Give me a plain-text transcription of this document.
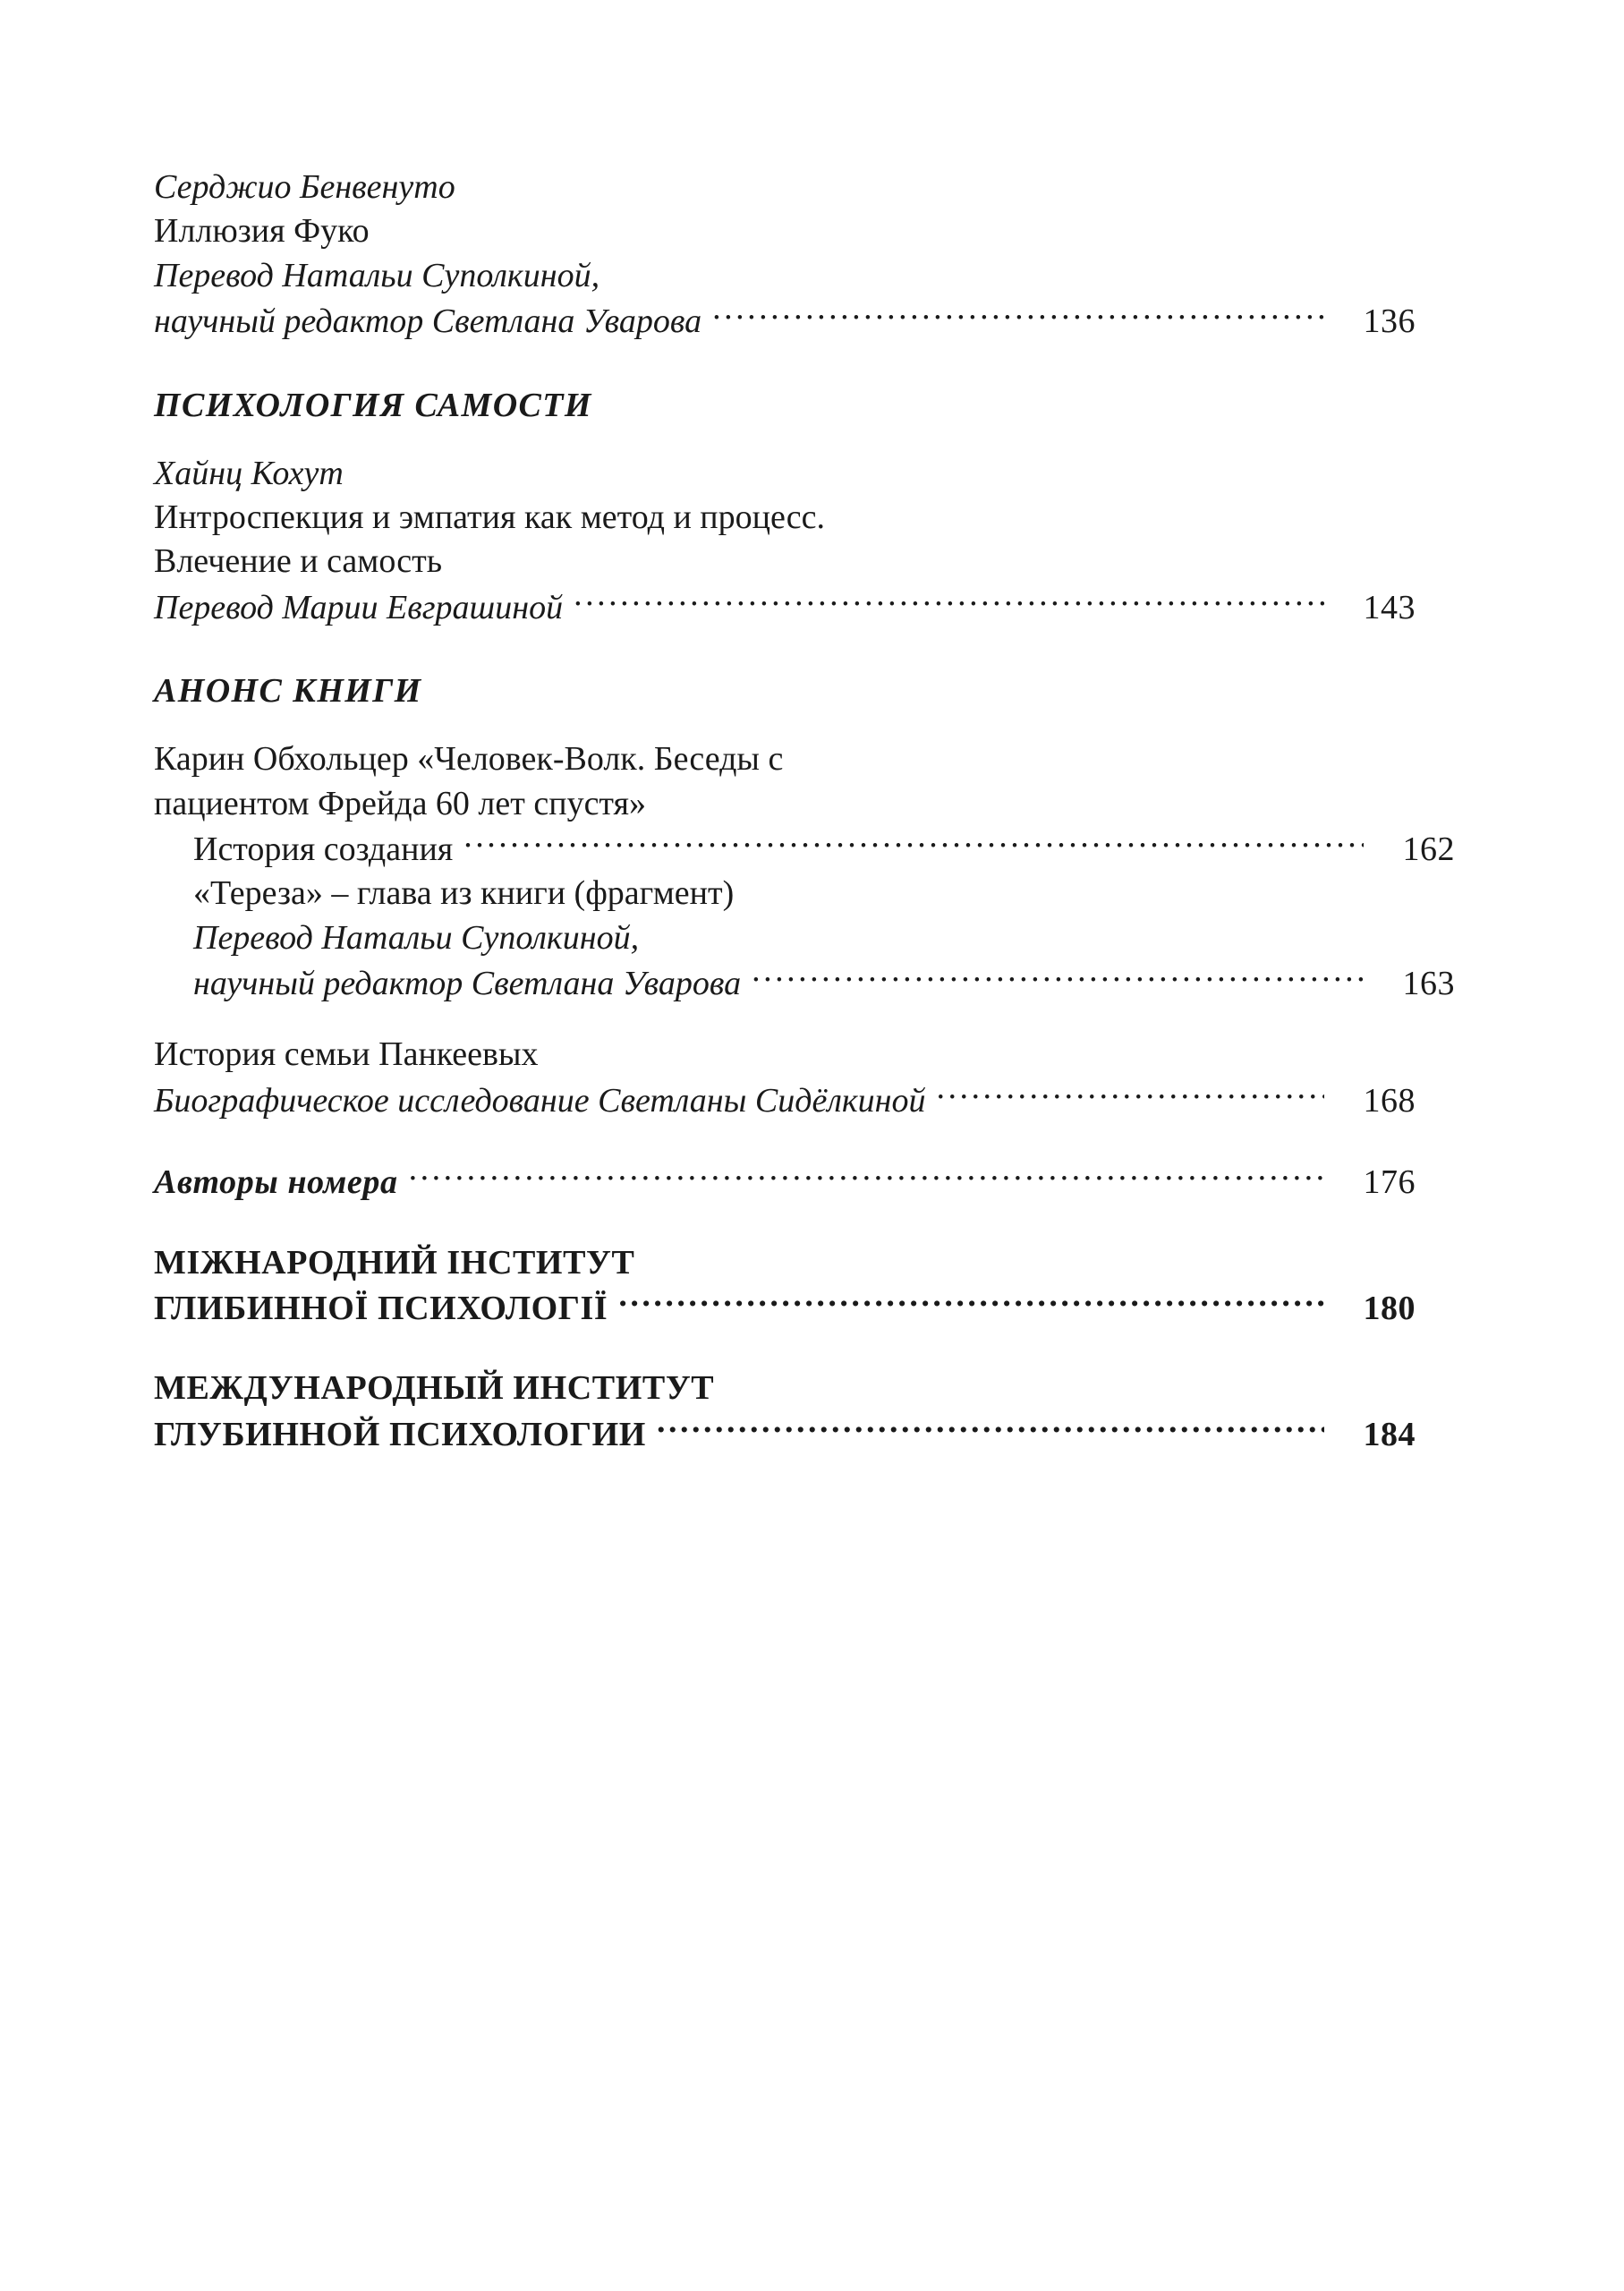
Серджио Бенвенуто
Иллюзия Фуко
Перевод Натальи Суполкиной,
научный редактор Светлана Уварова .....	136
ПСИХОЛОГИЯ САМОСТИ
Хайнц Кохут
Интроспекция и эмпатия как метод и процесс.
Влечение и самость
Перевод Марии Евграшиной .....	143
АНОНС КНИГИ
Карин Обхольцер «Человек-Волк. Беседы с
пациентом Фрейда 60 лет спустя»
История создания .....	162
«Тереза» – глава из книги (фрагмент)
Перевод Натальи Суполкиной,
научный редактор Светлана Уварова .....	163
История семьи Панкеевых
Биографическое исследование Светланы Сидёлкиной .....	168
Авторы номера .....	176
МІЖНАРОДНИЙ ІНСТИТУТ
ГЛИБИННОЇ ПСИХОЛОГІЇ .....	180
МЕЖДУНАРОДНЫЙ ИНСТИТУТ
ГЛУБИННОЙ ПСИХОЛОГИИ .....	184
